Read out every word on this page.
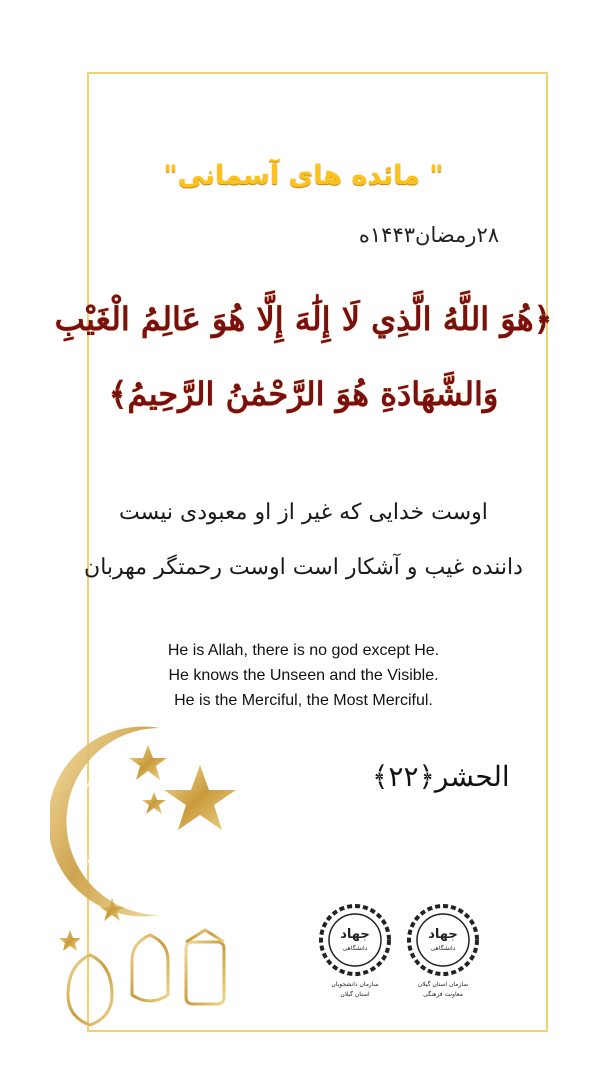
" مائده های آسمانی"
۲۸رمضان۱۴۴۳ه
﴿هُوَ اللَّهُ الَّذِي لَا إِلَٰهَ إِلَّا هُوَ عَالِمُ الْغَيْبِ
وَالشَّهَادَةِ هُوَ الرَّحْمَٰنُ الرَّحِيمُ﴾
اوست خدایی که غیر از او معبودی نیست
داننده غیب و آشکار است اوست رحمتگر مهربان
He is Allah, there is no god except He.
He knows the Unseen and the Visible.
He is the Merciful, the Most Merciful.
الحشر﴿۲۲﴾
جهاد
دانشگاهی
سازمان دانشجویان
استان گیلان
جهاد
دانشگاهی
سازمان استان گیلان
معاونت فرهنگی
